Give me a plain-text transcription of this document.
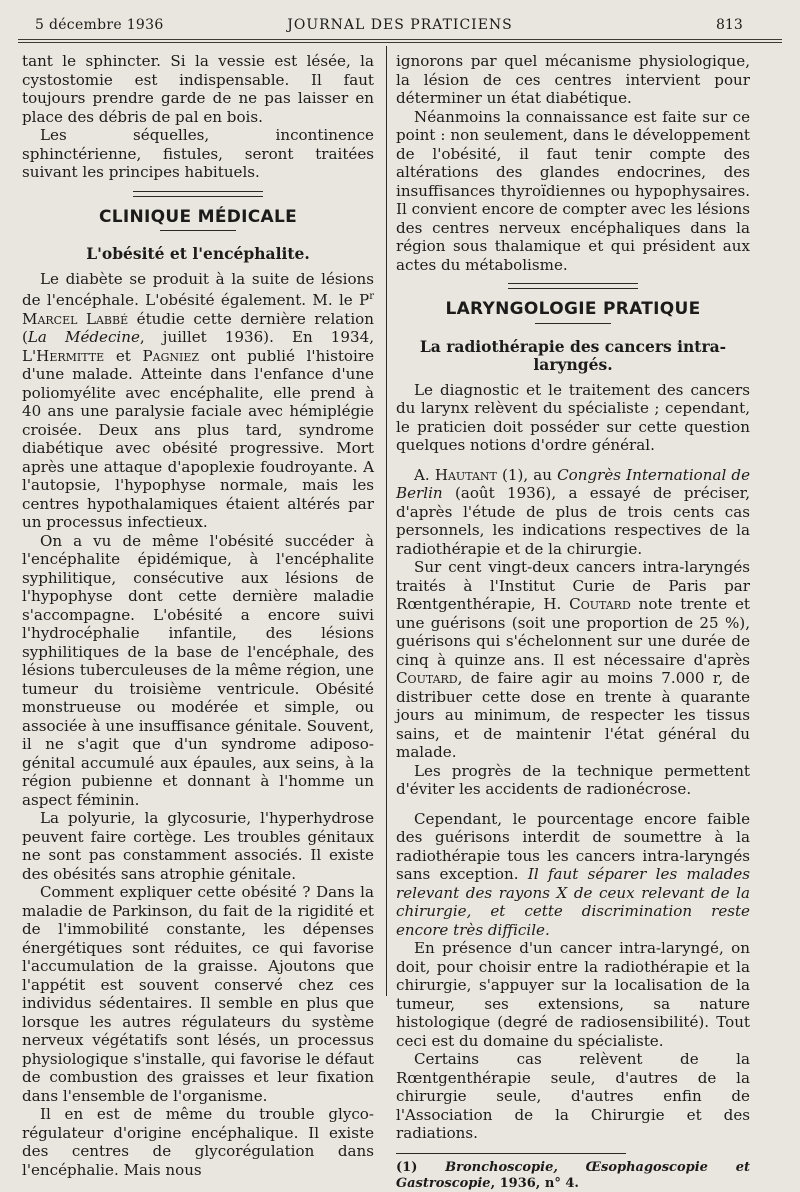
5 décembre 1936	JOURNAL DES PRATICIENS	813

tant le sphincter. Si la vessie est lésée, la cystostomie est indispensable. Il faut toujours prendre garde de ne pas laisser en place des débris de pal en bois.

Les séquelles, incontinence sphinctérienne, fistules, seront traitées suivant les principes habituels.

CLINIQUE MÉDICALE
L'obésité et l'encéphalite.

Le diabète se produit à la suite de lésions de l'encéphale. L'obésité également. M. le $P^r$ Marcel Labbé étudie cette dernière relation (La Médecine, juillet 1936). En 1934, L'Hermitte et Pagniez ont publié l'histoire d'une malade. Atteinte dans l'enfance d'une poliomyélite avec encéphalite, elle prend à 40 ans une paralysie faciale avec hémiplégie croisée. Deux ans plus tard, syndrome diabétique avec obésité progressive. Mort après une attaque d'apoplexie foudroyante. A l'autopsie, l'hypophyse normale, mais les centres hypothalamiques étaient altérés par un processus infectieux.

On a vu de même l'obésité succéder à l'encéphalite épidémique, à l'encéphalite syphilitique, consécutive aux lésions de l'hypophyse dont cette dernière maladie s'accompagne. L'obésité a encore suivi l'hydrocéphalie infantile, des lésions syphilitiques de la base de l'encéphale, des lésions tuberculeuses de la même région, une tumeur du troisième ventricule. Obésité monstrueuse ou modérée et simple, ou associée à une insuffisance génitale. Souvent, il ne s'agit que d'un syndrome adiposo-génital accumulé aux épaules, aux seins, à la région pubienne et donnant à l'homme un aspect féminin.

La polyurie, la glycosurie, l'hyperhydrose peuvent faire cortège. Les troubles génitaux ne sont pas constamment associés. Il existe des obésités sans atrophie génitale.

Comment expliquer cette obésité ? Dans la maladie de Parkinson, du fait de la rigidité et de l'immobilité constante, les dépenses énergétiques sont réduites, ce qui favorise l'accumulation de la graisse. Ajoutons que l'appétit est souvent conservé chez ces individus sédentaires. Il semble en plus que lorsque les autres régulateurs du système nerveux végétatifs sont lésés, un processus physiologique s'installe, qui favorise le défaut de combustion des graisses et leur fixation dans l'ensemble de l'organisme.

Il en est de même du trouble glyco-régulateur d'origine encéphalique. Il existe des centres de glycorégulation dans l'encéphalie. Mais nous

ignorons par quel mécanisme physiologique, la lésion de ces centres intervient pour déterminer un état diabétique.

Néanmoins la connaissance est faite sur ce point : non seulement, dans le développement de l'obésité, il faut tenir compte des altérations des glandes endocrines, des insuffisances thyroïdiennes ou hypophysaires. Il convient encore de compter avec les lésions des centres nerveux encéphaliques dans la région sous thalamique et qui président aux actes du métabolisme.

LARYNGOLOGIE PRATIQUE
La radiothérapie des cancers intra-laryngés.

Le diagnostic et le traitement des cancers du larynx relèvent du spécialiste ; cependant, le praticien doit posséder sur cette question quelques notions d'ordre général.

A. Hautant (1), au Congrès International de Berlin (août 1936), a essayé de préciser, d'après l'étude de plus de trois cents cas personnels, les indications respectives de la radiothérapie et de la chirurgie.

Sur cent vingt-deux cancers intra-laryngés traités à l'Institut Curie de Paris par Rœntgenthérapie, H. Coutard note trente et une guérisons (soit une proportion de 25 %), guérisons qui s'échelonnent sur une durée de cinq à quinze ans. Il est nécessaire d'après Coutard, de faire agir au moins 7.000 r, de distribuer cette dose en trente à quarante jours au minimum, de respecter les tissus sains, et de maintenir l'état général du malade.

Les progrès de la technique permettent d'éviter les accidents de radionécrose.

Cependant, le pourcentage encore faible des guérisons interdit de soumettre à la radiothérapie tous les cancers intra-laryngés sans exception. Il faut séparer les malades relevant des rayons X de ceux relevant de la chirurgie, et cette discrimination reste encore très difficile.

En présence d'un cancer intra-laryngé, on doit, pour choisir entre la radiothérapie et la chirurgie, s'appuyer sur la localisation de la tumeur, ses extensions, sa nature histologique (degré de radiosensibilité). Tout ceci est du domaine du spécialiste.

Certains cas relèvent de la Rœntgenthérapie seule, d'autres de la chirurgie seule, d'autres enfin de l'Association de la Chirurgie et des radiations.

(1) Bronchoscopie, Œsophagoscopie et Gastroscopie, 1936, n° 4.
